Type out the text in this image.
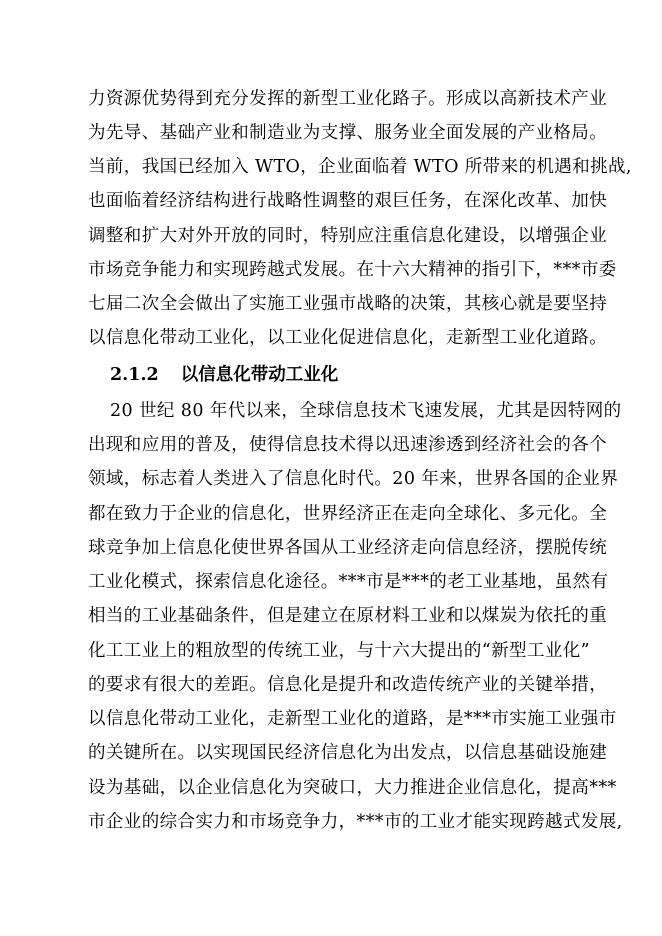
力资源优势得到充分发挥的新型工业化路子。形成以高新技术产业
为先导、基础产业和制造业为支撑、服务业全面发展的产业格局。
当前，我国已经加入 WTO，企业面临着 WTO 所带来的机遇和挑战,
也面临着经济结构进行战略性调整的艰巨任务，在深化改革、加快
调整和扩大对外开放的同时，特别应注重信息化建设，以增强企业
市场竞争能力和实现跨越式发展。在十六大精神的指引下，***市委
七届二次全会做出了实施工业强市战略的决策，其核心就是要坚持
以信息化带动工业化，以工业化促进信息化，走新型工业化道路。
2.1.2 以信息化带动工业化
20 世纪 80 年代以来，全球信息技术飞速发展，尤其是因特网的
出现和应用的普及，使得信息技术得以迅速渗透到经济社会的各个
领域，标志着人类进入了信息化时代。20 年来，世界各国的企业界
都在致力于企业的信息化，世界经济正在走向全球化、多元化。全
球竞争加上信息化使世界各国从工业经济走向信息经济，摆脱传统
工业化模式，探索信息化途径。***市是***的老工业基地，虽然有
相当的工业基础条件，但是建立在原材料工业和以煤炭为依托的重
化工工业上的粗放型的传统工业，与十六大提出的“新型工业化”
的要求有很大的差距。信息化是提升和改造传统产业的关键举措，
以信息化带动工业化，走新型工业化的道路，是***市实施工业强市
的关键所在。以实现国民经济信息化为出发点，以信息基础设施建
设为基础，以企业信息化为突破口，大力推进企业信息化，提高***
市企业的综合实力和市场竞争力，***市的工业才能实现跨越式发展,
